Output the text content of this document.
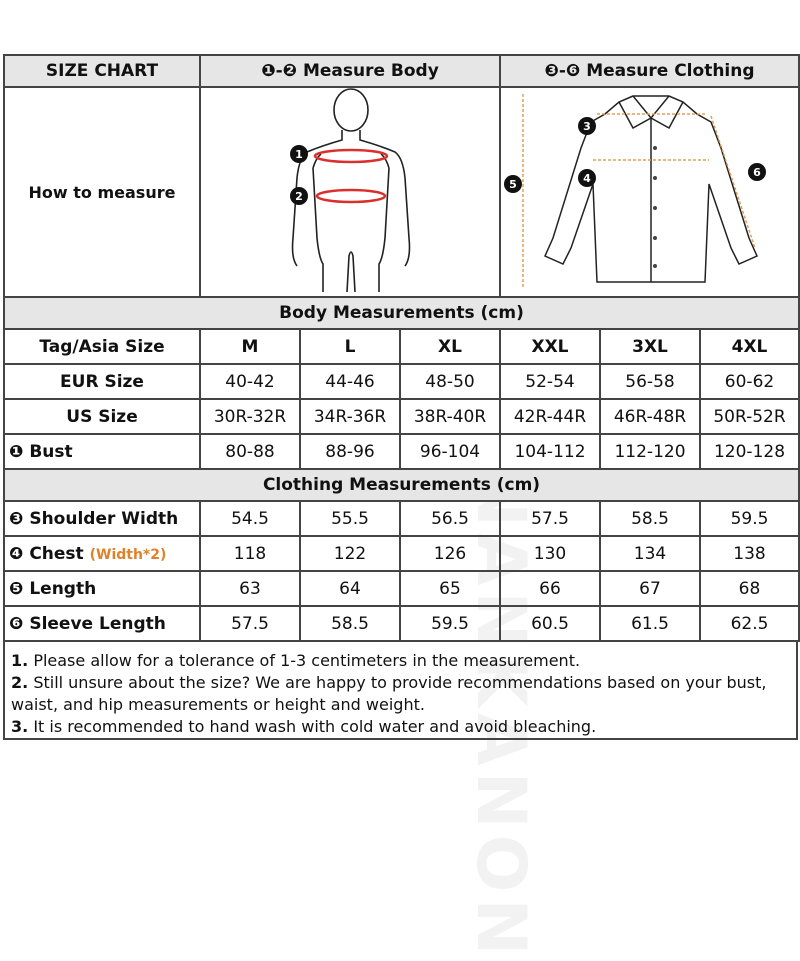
NANKANON
SIZE CHART	❶-❷ Measure Body			❸-❻ Measure Clothing		
How to measure	1
2			5
3
4 6		

Body Measurements (cm)						
Tag/Asia Size	M	L	XL	XXL	3XL	4XL
EUR Size	40-42	44-46	48-50	52-54	56-58	60-62
US Size	30R-32R	34R-36R	38R-40R	42R-44R	46R-48R	50R-52R
❶ Bust	80-88	88-96	96-104	104-112	112-120	120-128
Clothing Measurements (cm)						
❸ Shoulder Width	54.5	55.5	56.5	57.5	58.5	59.5
❹ Chest (Width*2)	118	122	126	130	134	138
❺ Length	63	64	65	66	67	68
❻ Sleeve Length	57.5	58.5	59.5	60.5	61.5	62.5

1. Please allow for a tolerance of 1-3 centimeters in the measurement.

2. Still unsure about the size? We are happy to provide recommendations based on your bust, waist, and hip measurements or height and weight.

3. It is recommended to hand wash with cold water and avoid bleaching.
